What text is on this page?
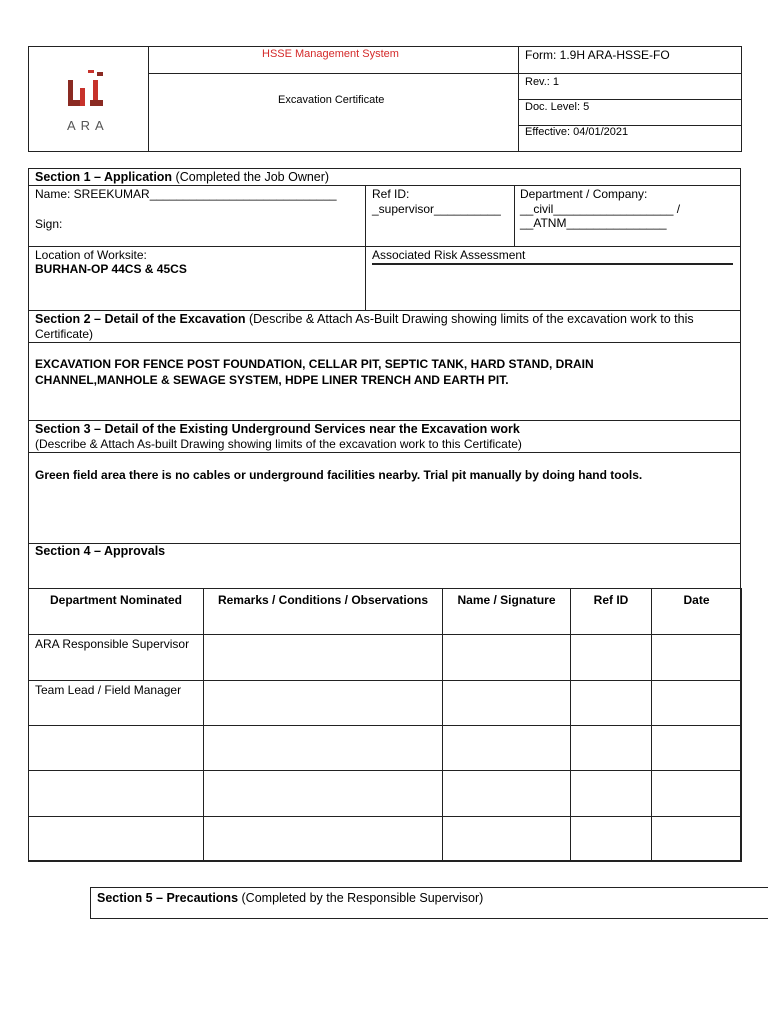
ARA
HSSE Management System
Excavation Certificate
Form: 1.9H ARA-HSSE-FO
Rev.: 1
Doc. Level: 5
Effective: 04/01/2021
Section 1 – Application (Completed the Job Owner)
Name: SREEKUMAR____________________________
Sign:
Ref ID:
_supervisor__________
Department / Company:
__civil__________________ /
__ATNM_______________
Location of Worksite:
BURHAN-OP 44CS & 45CS
Associated Risk Assessment
Section 2 – Detail of the Excavation (Describe & Attach As-Built Drawing showing limits of the excavation work to this
Certificate)
EXCAVATION FOR FENCE POST FOUNDATION, CELLAR PIT, SEPTIC TANK, HARD STAND, DRAIN
CHANNEL,MANHOLE & SEWAGE SYSTEM, HDPE LINER TRENCH AND EARTH PIT.
Section 3 – Detail of the Existing Underground Services near the Excavation work
(Describe & Attach As-built Drawing showing limits of the excavation work to this Certificate)
Green field area there is no cables or underground facilities nearby. Trial pit manually by doing hand tools.
Section 4 – Approvals
Department Nominated	Remarks / Conditions / Observations	Name / Signature	Ref ID	Date
ARA Responsible Supervisor				
Team Lead / Field Manager				

Section 5 – Precautions (Completed by the Responsible Supervisor)
